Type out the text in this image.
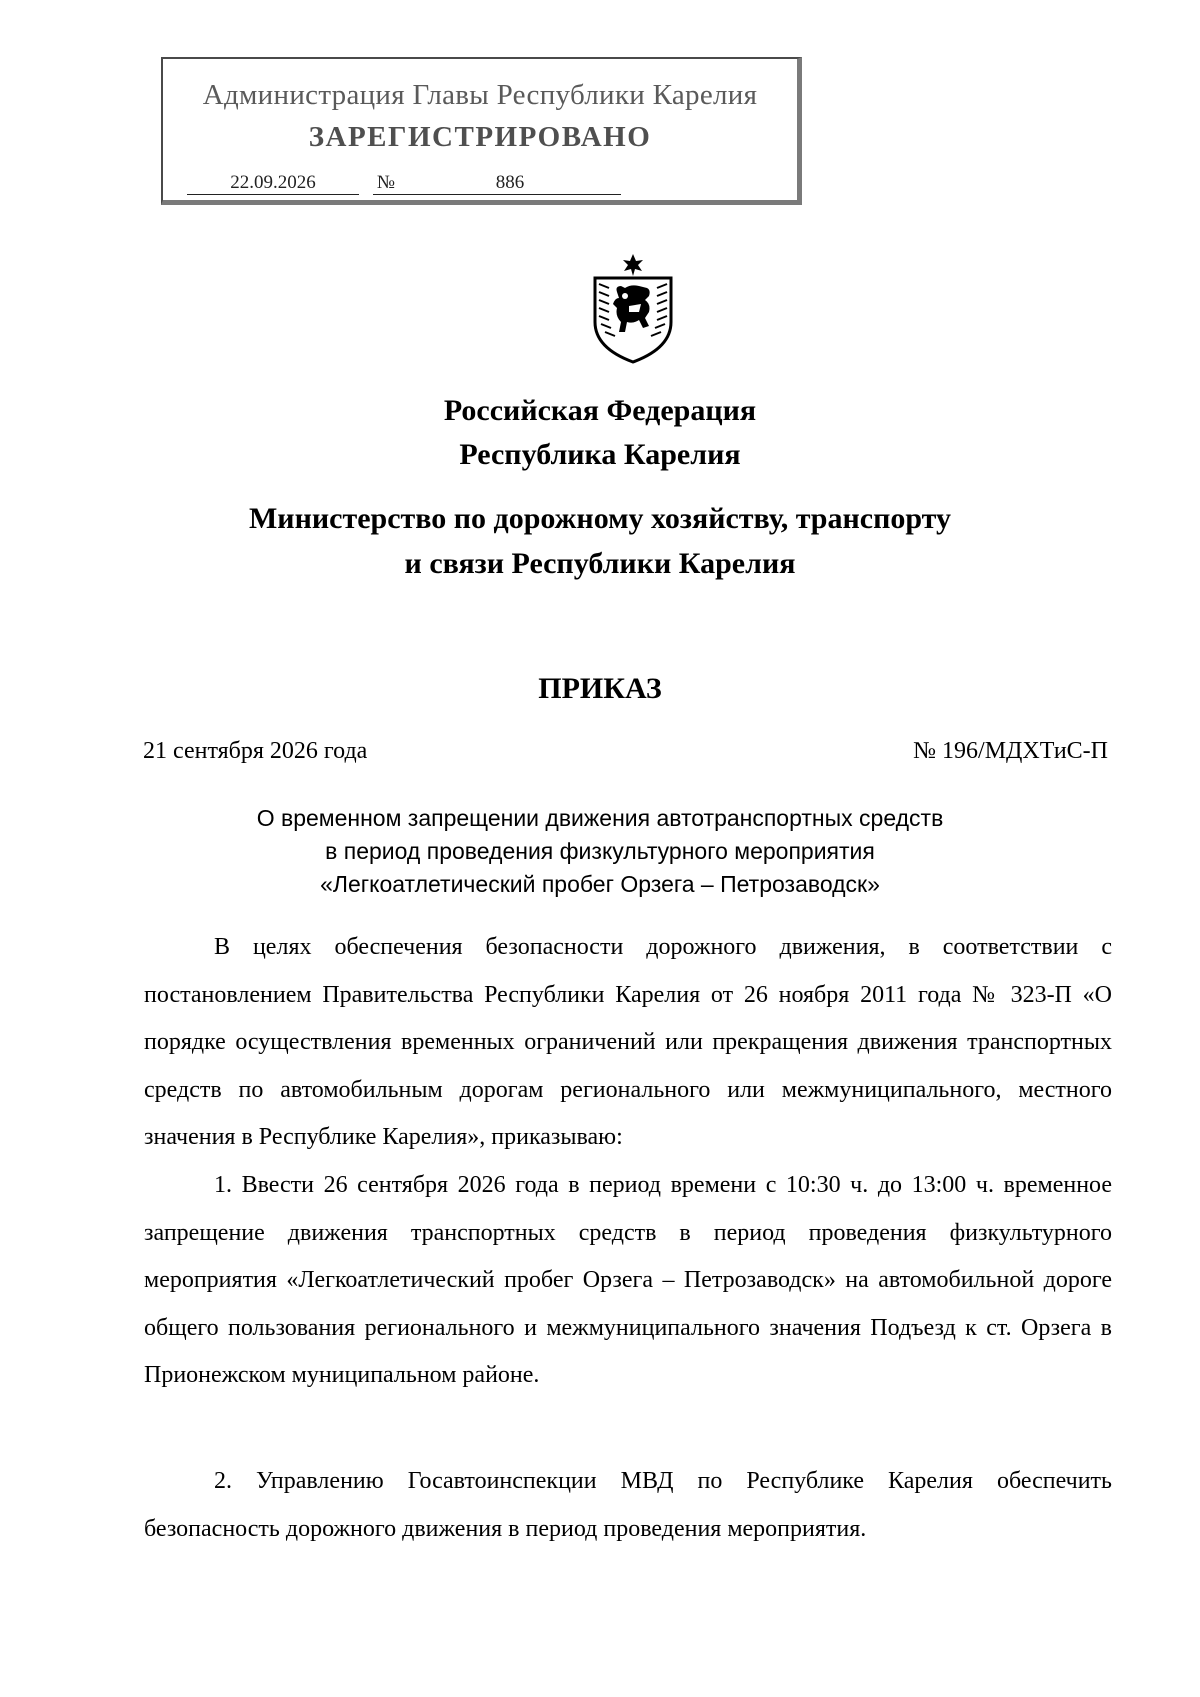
Администрация Главы Республики Карелия
ЗАРЕГИСТРИРОВАНО
22.09.2026	№	886
Российская Федерация
Республика Карелия
Министерство по дорожному хозяйству, транспорту
и связи Республики Карелия
ПРИКАЗ
21 сентября 2026 года	№ 196/МДХТиС-П
О временном запрещении движения автотранспортных средств
в период проведения физкультурного мероприятия
«Легкоатлетический пробег Орзега – Петрозаводск»

В целях обеспечения безопасности дорожного движения, в соответствии с постановлением Правительства Республики Карелия от 26 ноября 2011 года № 323-П «О порядке осуществления временных ограничений или прекращения движения транспортных средств по автомобильным дорогам регионального или межмуниципального, местного значения в Республике Карелия», приказываю:

1. Ввести 26 сентября 2026 года в период времени с 10:30 ч. до 13:00 ч. временное запрещение движения транспортных средств в период проведения физкультурного мероприятия «Легкоатлетический пробег Орзега – Петрозаводск» на автомобильной дороге общего пользования регионального и межмуниципального значения Подъезд к ст. Орзега в Прионежском муниципальном районе.

2. Управлению Госавтоинспекции МВД по Республике Карелия обеспечить безопасность дорожного движения в период проведения мероприятия.
